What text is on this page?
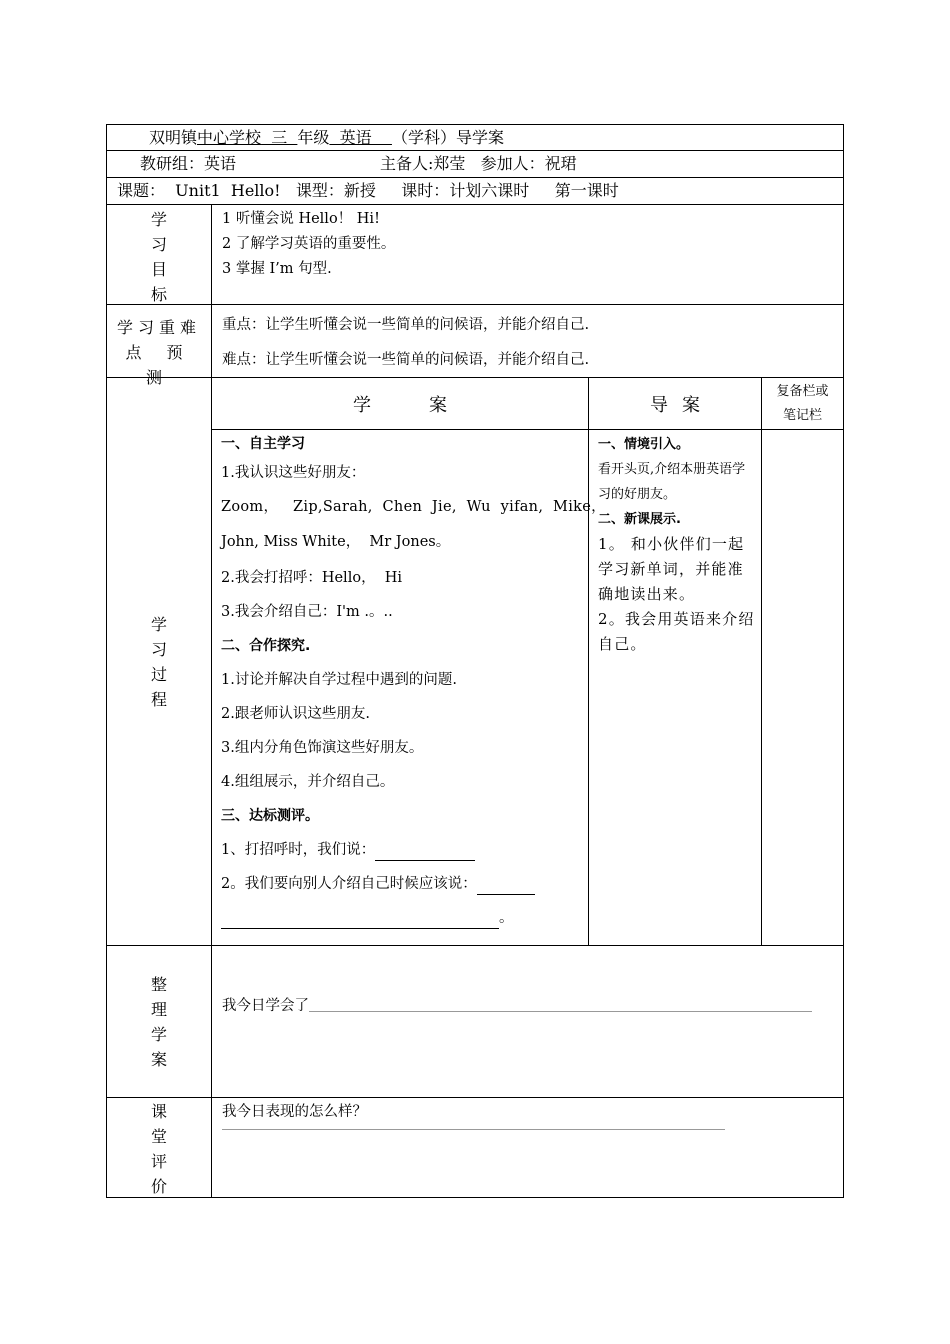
双明镇中心学校  三  年级  英语    （学科）导学案
教研组：英语	主备人:郑莹   参加人：祝珺
课题：  Unit1  Hello!   课型：新授     课时：计划六课时     第一课时
学
习
目
标
1 听懂会说 Hello！ Hi!
2 了解学习英语的重要性。
3 掌握 I’m 句型.
学习重难
点 预 测
重点：让学生听懂会说一些简单的问候语，并能介绍自己.
难点：让学生听懂会说一些简单的问候语，并能介绍自己.
学
习
过
程
学案	导案
复备栏或
笔记栏

一、自主学习

1.我认识这些好朋友：

Zoom，   Zip,Sarah,  Chen  Jie,  Wu  yifan,  Mike，

John, Miss White，  Mr Jones。

2.我会打招呼：Hello，  Hi

3.我会介绍自己：I'm .。..

二、合作探究.

1.讨论并解决自学过程中遇到的问题.

2.跟老师认识这些朋友.

3.组内分角色饰演这些好朋友。

4.组组展示，并介绍自己。

三、达标测评。

1、打招呼时，我们说：

2。我们要向别人介绍自己时候应该说：

。

一、情境引入。
看开头页,介绍本册英语学习的好朋友。
二、新课展示.
1。 和小伙伴们一起学习新单词，并能准确地读出来。
2。我会用英语来介绍自己。
整
理
学
案
我今日学会了
课
堂
评
价
我今日表现的怎么样？
